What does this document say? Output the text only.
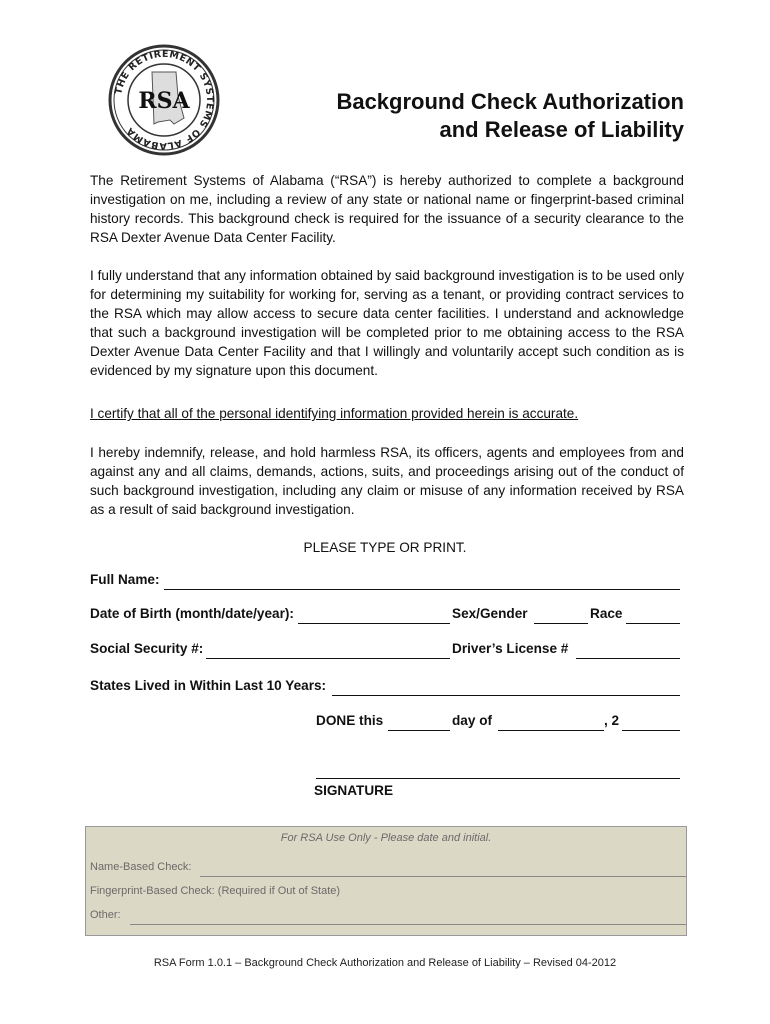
THE RETIREMENT SYSTEMS OF ALABAMA
RSA	Background Check Authorization
and Release of Liability

The Retirement Systems of Alabama (“RSA”) is hereby authorized to complete a background investigation on me, including a review of any state or national name or fingerprint-based criminal history records. This background check is required for the issuance of a security clearance to the RSA Dexter Avenue Data Center Facility.

I fully understand that any information obtained by said background investigation is to be used only for determining my suitability for working for, serving as a tenant, or providing contract services to the RSA which may allow access to secure data center facilities. I understand and acknowledge that such a background investigation will be completed prior to me obtaining access to the RSA Dexter Avenue Data Center Facility and that I willingly and voluntarily accept such condition as is evidenced by my signature upon this document.

I certify that all of the personal identifying information provided herein is accurate.

I hereby indemnify, release, and hold harmless RSA, its officers, agents and employees from and against any and all claims, demands, actions, suits, and proceedings arising out of the conduct of such background investigation, including any claim or misuse of any information received by RSA as a result of said background investigation.

PLEASE TYPE OR PRINT.
Full Name:
Date of Birth (month/date/year):	Sex/Gender	Race
Social Security #:	Driver’s License #
States Lived in Within Last 10 Years:
DONE this	day of	, 2
SIGNATURE
For RSA Use Only - Please date and initial.
Name-Based Check:
Fingerprint-Based Check: (Required if Out of State)
Other:
RSA Form 1.0.1 – Background Check Authorization and Release of Liability – Revised 04-2012
